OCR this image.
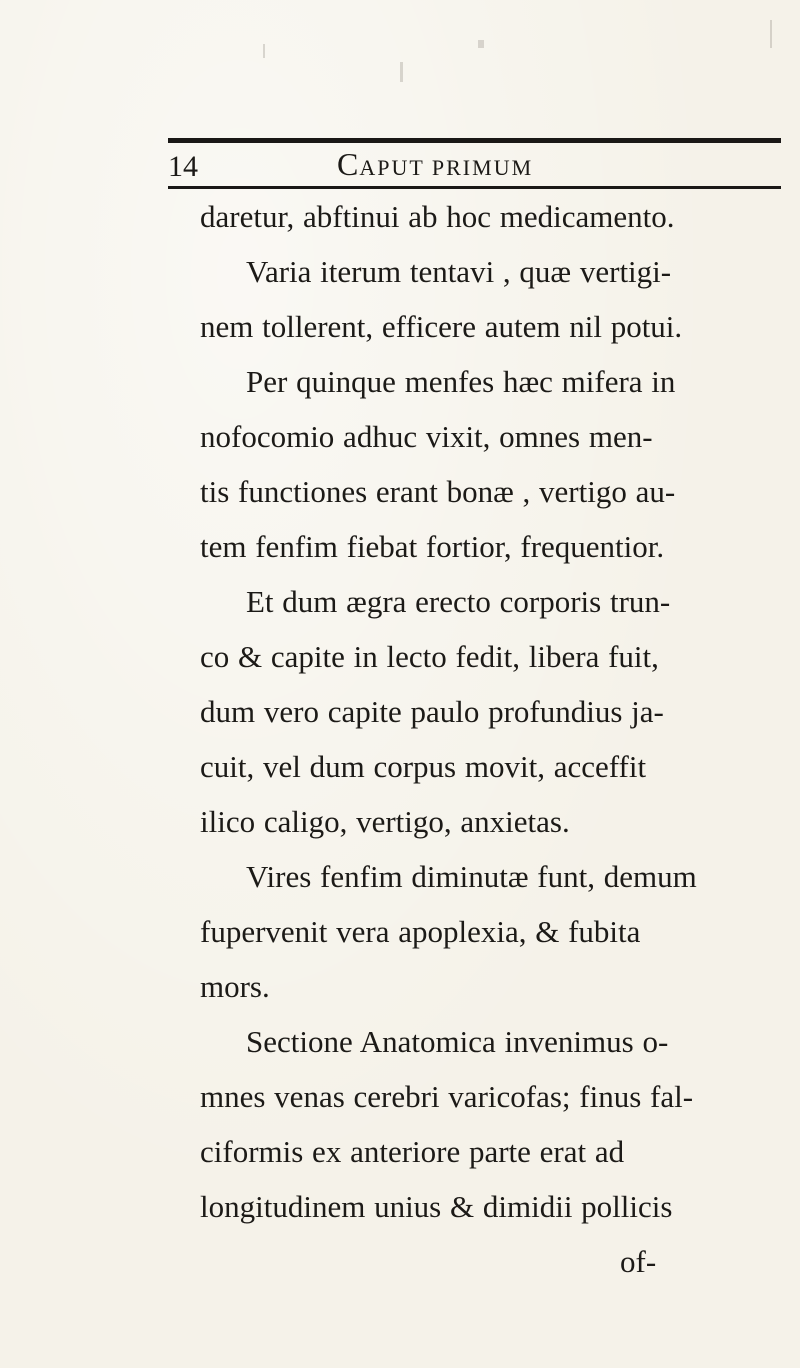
14	CAPUT PRIMUM
daretur, abftinui ab hoc medicamento.
Varia iterum tentavi , quæ vertigi-
nem tollerent, efficere autem nil potui.
Per quinque menfes hæc mifera in
nofocomio adhuc vixit, omnes men-
tis functiones erant bonæ , vertigo au-
tem fenfim fiebat fortior, frequentior.
Et dum ægra erecto corporis trun-
co & capite in lecto fedit, libera fuit,
dum vero capite paulo profundius ja-
cuit, vel dum corpus movit, acceffit
ilico caligo, vertigo, anxietas.
Vires fenfim diminutæ funt, demum
fupervenit vera apoplexia, & fubita
mors.
Sectione Anatomica invenimus o-
mnes venas cerebri varicofas; finus fal-
ciformis ex anteriore parte erat ad
longitudinem unius & dimidii pollicis
of-
